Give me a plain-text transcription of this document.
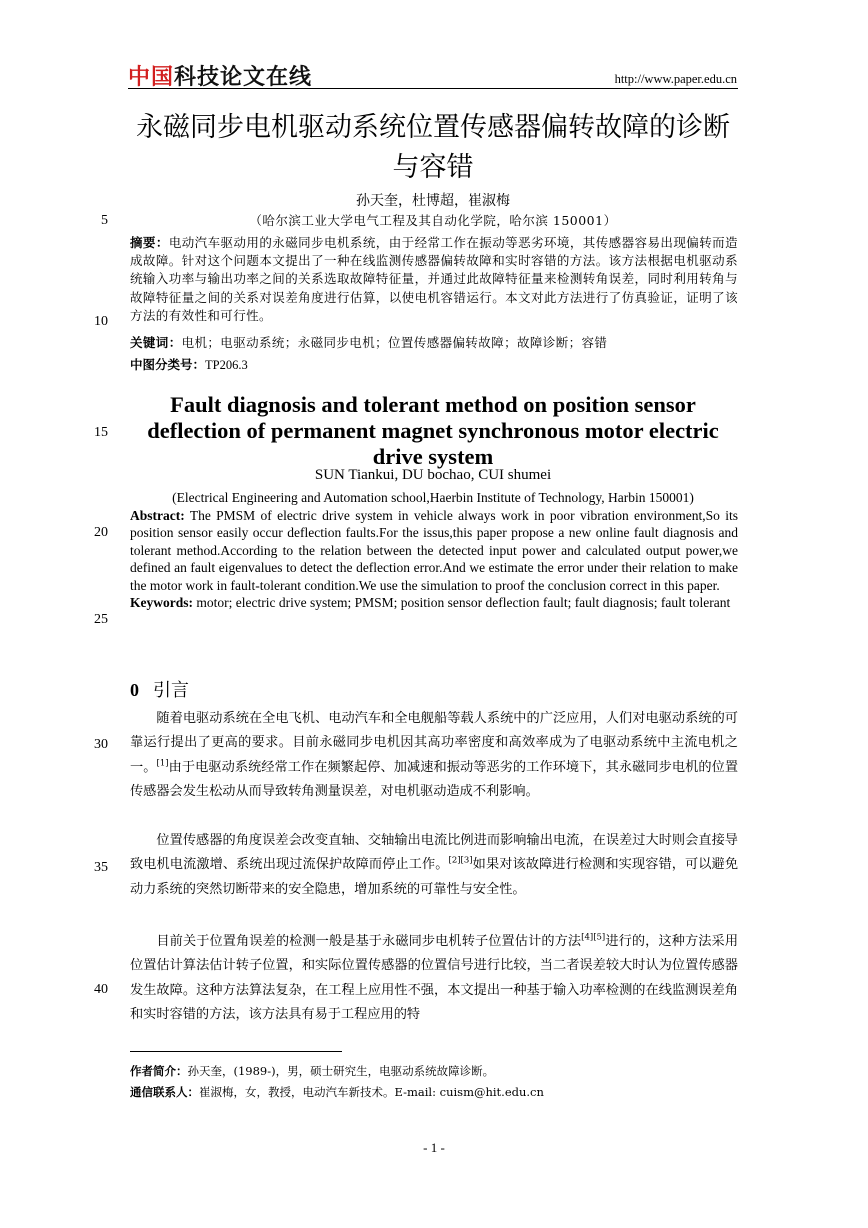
中国科技论文在线	http://www.paper.edu.cn
永磁同步电机驱动系统位置传感器偏转故障的诊断与容错
孙天奎，杜博超，崔淑梅
（哈尔滨工业大学电气工程及其自动化学院，哈尔滨 150001）
5
10
15
20
25
30
35
40
摘要：电动汽车驱动用的永磁同步电机系统，由于经常工作在振动等恶劣环境，其传感器容易出现偏转而造成故障。针对这个问题本文提出了一种在线监测传感器偏转故障和实时容错的方法。该方法根据电机驱动系统输入功率与输出功率之间的关系选取故障特征量，并通过此故障特征量来检测转角误差，同时利用转角与故障特征量之间的关系对误差角度进行估算，以使电机容错运行。本文对此方法进行了仿真验证，证明了该方法的有效性和可行性。
关键词：电机；电驱动系统；永磁同步电机；位置传感器偏转故障；故障诊断；容错
中图分类号：TP206.3
Fault diagnosis and tolerant method on position sensor deflection of permanent magnet synchronous motor electric drive system
SUN Tiankui, DU bochao, CUI shumei
(Electrical Engineering and Automation school,Haerbin Institute of Technology, Harbin 150001)
Abstract: The PMSM of electric drive system in vehicle always work in poor vibration environment,So its position sensor easily occur deflection faults.For the issus,this paper propose a new online fault diagnosis and tolerant method.According to the relation between the detected input power and calculated output power,we defined an fault eigenvalues to detect the deflection error.And we estimate the error under their relation to make the motor work in fault-tolerant condition.We use the simulation to proof the conclusion correct in this paper.
Keywords: motor; electric drive system; PMSM; position sensor deflection fault; fault diagnosis; fault tolerant
0 引言
随着电驱动系统在全电飞机、电动汽车和全电舰船等载人系统中的广泛应用，人们对电驱动系统的可靠运行提出了更高的要求。目前永磁同步电机因其高功率密度和高效率成为了电驱动系统中主流电机之一。[1]由于电驱动系统经常工作在频繁起停、加减速和振动等恶劣的工作环境下，其永磁同步电机的位置传感器会发生松动从而导致转角测量误差，对电机驱动造成不利影响。
位置传感器的角度误差会改变直轴、交轴输出电流比例进而影响输出电流，在误差过大时则会直接导致电机电流激增、系统出现过流保护故障而停止工作。[2][3]如果对该故障进行检测和实现容错，可以避免动力系统的突然切断带来的安全隐患，增加系统的可靠性与安全性。
目前关于位置角误差的检测一般是基于永磁同步电机转子位置估计的方法[4][5]进行的，这种方法采用位置估计算法估计转子位置，和实际位置传感器的位置信号进行比较，当二者误差较大时认为位置传感器发生故障。这种方法算法复杂，在工程上应用性不强，本文提出一种基于输入功率检测的在线监测误差角和实时容错的方法，该方法具有易于工程应用的特
作者简介：孙天奎，(1989-)，男，硕士研究生，电驱动系统故障诊断。
通信联系人：崔淑梅，女，教授，电动汽车新技术。E-mail: cuism@hit.edu.cn
- 1 -
